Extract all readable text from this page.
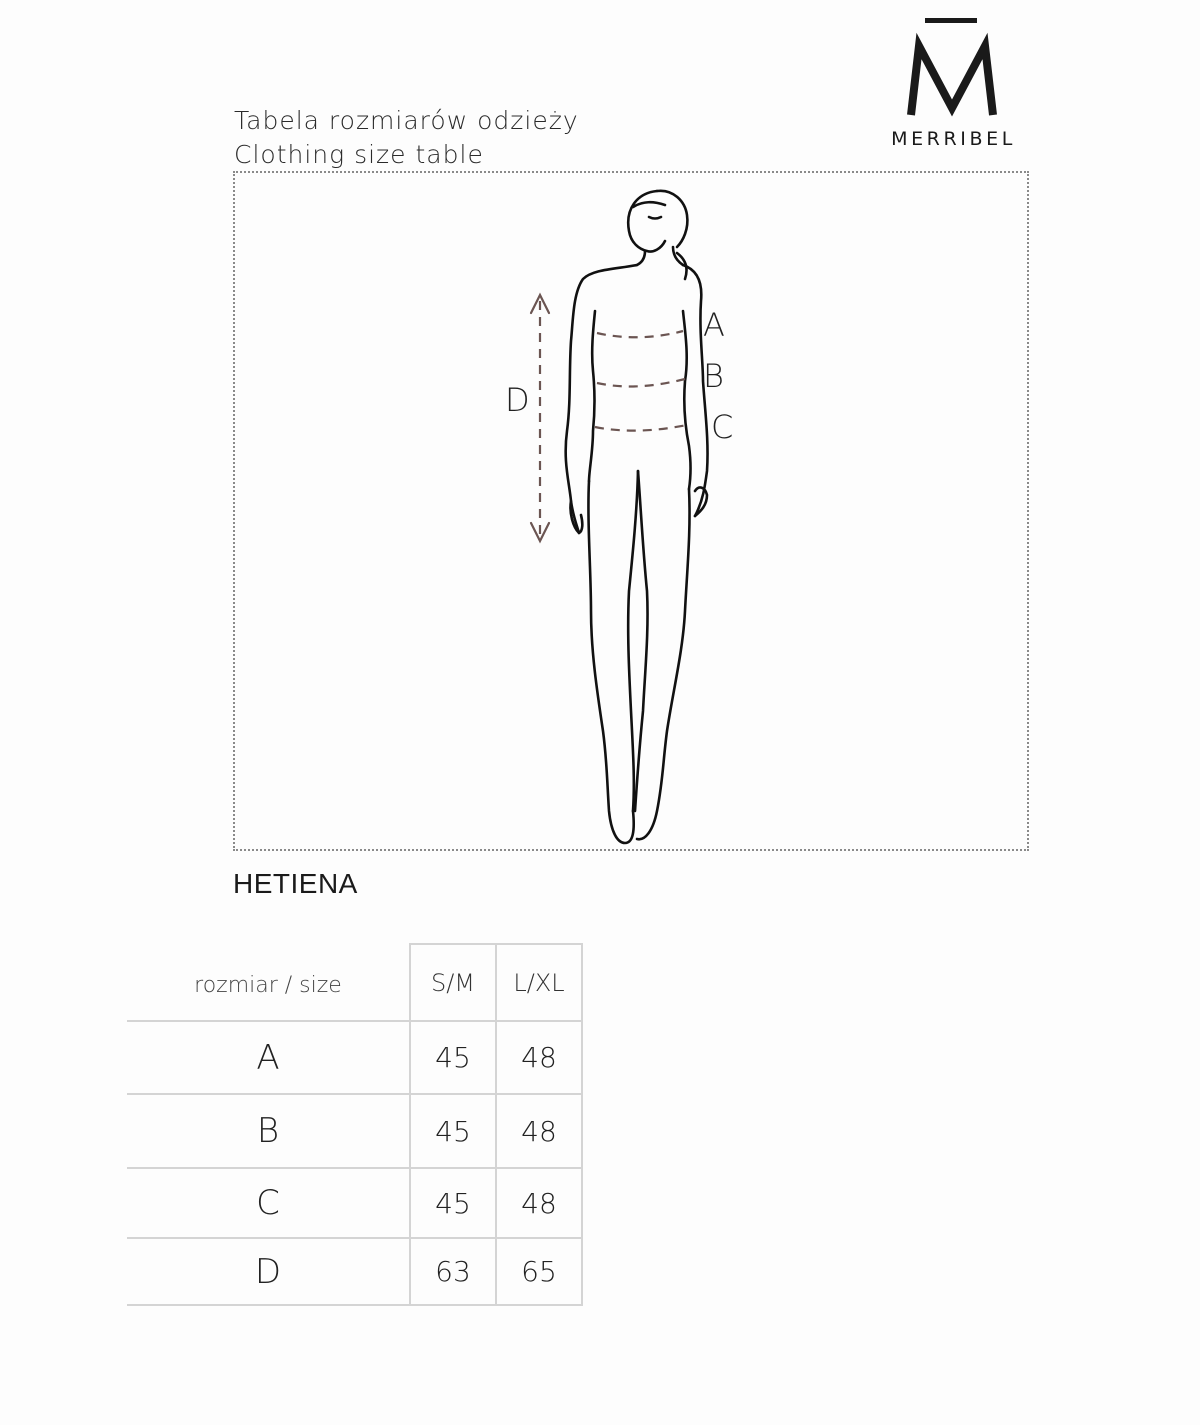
Tabela rozmiarów odzieży
Clothing size table
MERRIBEL
A
B
C
D
HETIENA
rozmiar / size	S/M	L/XL
A	45	48
B	45	48
C	45	48
D	63	65
